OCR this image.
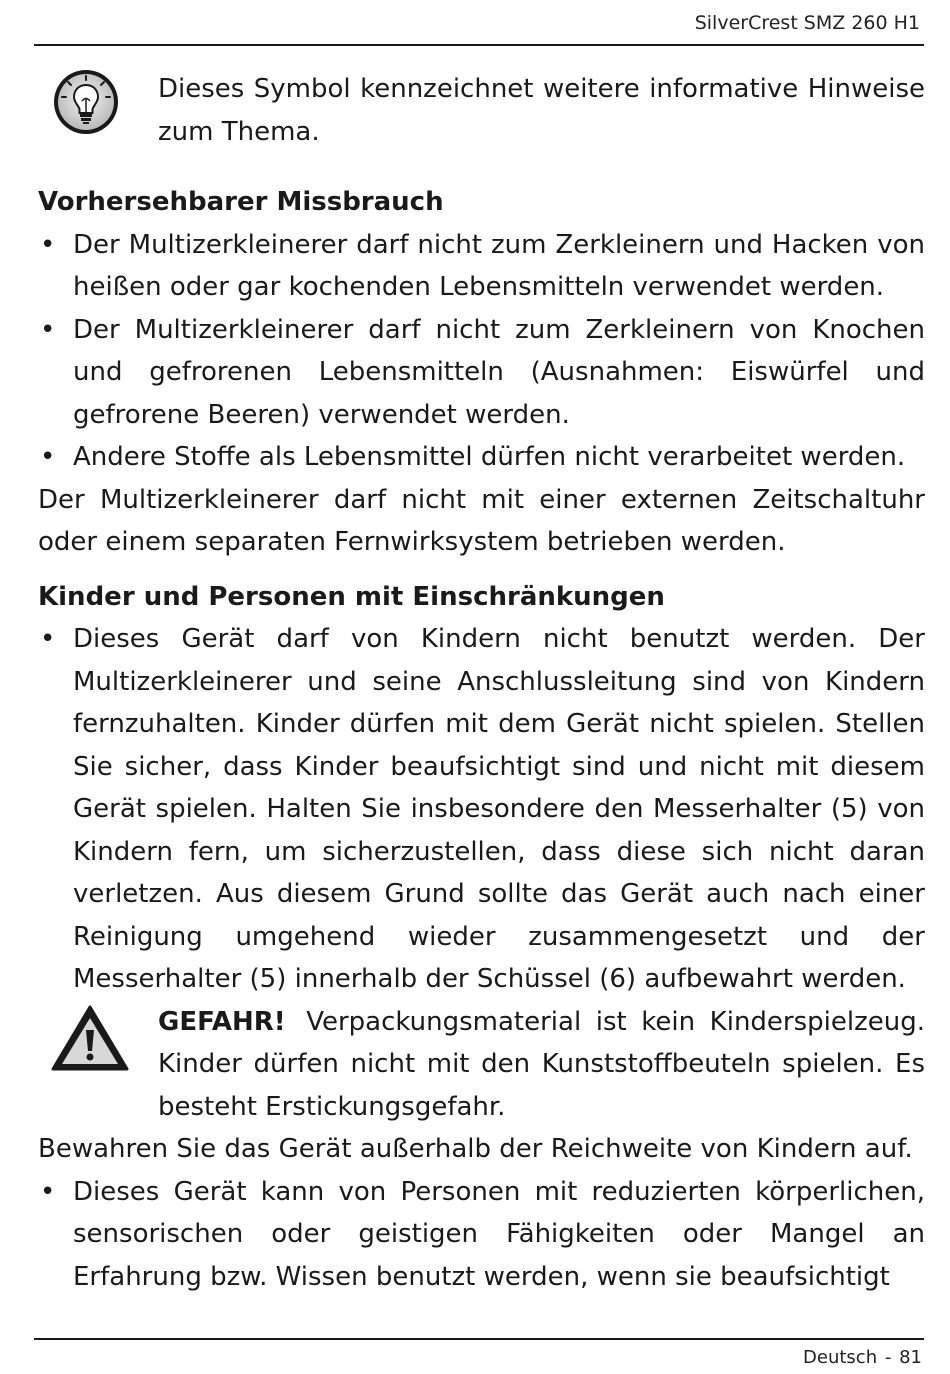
SilverCrest SMZ 260 H1
Dieses Symbol kennzeichnet weitere informative Hinweise zum Thema.
Vorhersehbarer Missbrauch
• Der Multizerkleinerer darf nicht zum Zerkleinern und Hacken von heißen oder gar kochenden Lebensmitteln verwendet werden.
• Der Multizerkleinerer darf nicht zum Zerkleinern von Knochen und gefrorenen Lebensmitteln (Ausnahmen: Eiswürfel und gefrorene Beeren) verwendet werden.
• Andere Stoffe als Lebensmittel dürfen nicht verarbeitet werden.

Der Multizerkleinerer darf nicht mit einer externen Zeitschaltuhr oder einem separaten Fernwirksystem betrieben werden.

Kinder und Personen mit Einschränkungen
• Dieses Gerät darf von Kindern nicht benutzt werden. Der Multizerkleinerer und seine Anschlussleitung sind von Kindern fernzuhalten. Kinder dürfen mit dem Gerät nicht spielen. Stellen Sie sicher, dass Kinder beaufsichtigt sind und nicht mit diesem Gerät spielen. Halten Sie insbesondere den Messerhalter (5) von Kindern fern, um sicherzustellen, dass diese sich nicht daran verletzen. Aus diesem Grund sollte das Gerät auch nach einer Reinigung umgehend wieder zusammengesetzt und der Messerhalter (5) innerhalb der Schüssel (6) aufbewahrt werden.
GEFAHR! Verpackungsmaterial ist kein Kinderspielzeug. Kinder dürfen nicht mit den Kunststoffbeuteln spielen. Es besteht Erstickungsgefahr.

Bewahren Sie das Gerät außerhalb der Reichweite von Kindern auf.

• Dieses Gerät kann von Personen mit reduzierten körperlichen, sensorischen oder geistigen Fähigkeiten oder Mangel an Erfahrung bzw. Wissen benutzt werden, wenn sie beaufsichtigt
Deutsch - 81
